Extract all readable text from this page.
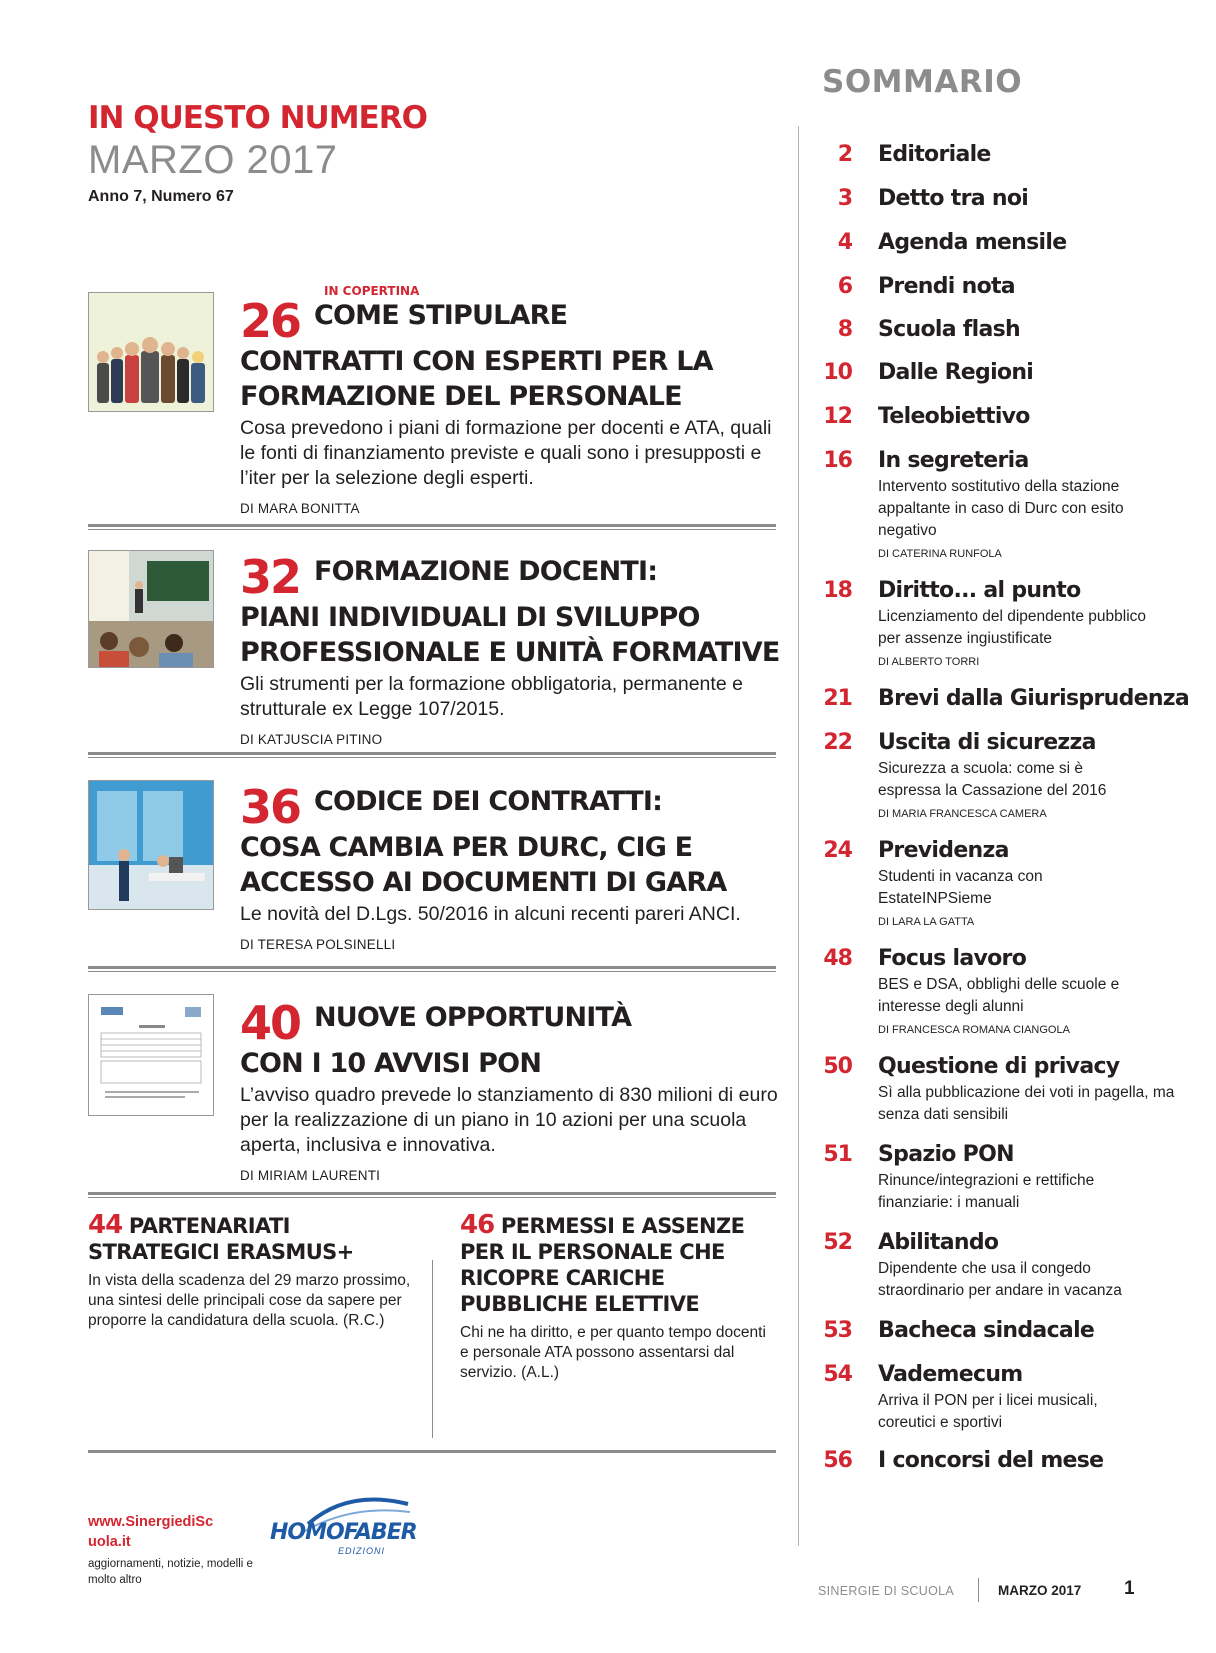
IN QUESTO NUMERO
MARZO 2017
Anno 7, Numero 67
IN COPERTINA
26 COME STIPULARE
CONTRATTI CON ESPERTI PER LA
FORMAZIONE DEL PERSONALE
Cosa prevedono i piani di formazione per docenti e ATA, quali le fonti di finanziamento previste e quali sono i presupposti e l’iter per la selezione degli esperti.
DI MARA BONITTA
32 FORMAZIONE DOCENTI:
PIANI INDIVIDUALI DI SVILUPPO
PROFESSIONALE E UNITÀ FORMATIVE
Gli strumenti per la formazione obbligatoria, permanente e strutturale ex Legge 107/2015.
DI KATJUSCIA PITINO
36 CODICE DEI CONTRATTI:
COSA CAMBIA PER DURC, CIG E
ACCESSO AI DOCUMENTI DI GARA
Le novità del D.Lgs. 50/2016 in alcuni recenti pareri ANCI.
DI TERESA POLSINELLI
40 NUOVE OPPORTUNITÀ
CON I 10 AVVISI PON
L’avviso quadro prevede lo stanziamento di 830 milioni di euro per la realizzazione di un piano in 10 azioni per una scuola aperta, inclusiva e innovativa.
DI MIRIAM LAURENTI
44 PARTENARIATI
STRATEGICI ERASMUS+
In vista della scadenza del 29 marzo prossimo, una sintesi delle principali cose da sapere per proporre la candidatura della scuola. (R.C.)
46 PERMESSI E ASSENZE
PER IL PERSONALE CHE RICOPRE CARICHE PUBBLICHE ELETTIVE
Chi ne ha diritto, e per quanto tempo docenti e personale ATA possono assentarsi dal servizio. (A.L.)
www.SinergiediScuola.it
aggiornamenti, notizie, modelli e molto altro
HOMOFABER
EDIZIONI
SOMMARIO
2 Editoriale
3 Detto tra noi
4 Agenda mensile
6 Prendi nota
8 Scuola flash
10 Dalle Regioni
12 Teleobiettivo
16 In segreteria
Intervento sostitutivo della stazione appaltante in caso di Durc con esito negativo
DI CATERINA RUNFOLA
18 Diritto... al punto
Licenziamento del dipendente pubblico per assenze ingiustificate
DI ALBERTO TORRI
21 Brevi dalla Giurisprudenza
22 Uscita di sicurezza
Sicurezza a scuola: come si è espressa la Cassazione del 2016
DI MARIA FRANCESCA CAMERA
24 Previdenza
Studenti in vacanza con EstateINPSieme
DI LARA LA GATTA
48 Focus lavoro
BES e DSA, obblighi delle scuole e interesse degli alunni
DI FRANCESCA ROMANA CIANGOLA
50 Questione di privacy
Sì alla pubblicazione dei voti in pagella, ma senza dati sensibili
51 Spazio PON
Rinunce/integrazioni e rettifiche finanziarie: i manuali
52 Abilitando
Dipendente che usa il congedo straordinario per andare in vacanza
53 Bacheca sindacale
54 Vademecum
Arriva il PON per i licei musicali, coreutici e sportivi
56 I concorsi del mese
SINERGIE DI SCUOLA	MARZO 2017 1
